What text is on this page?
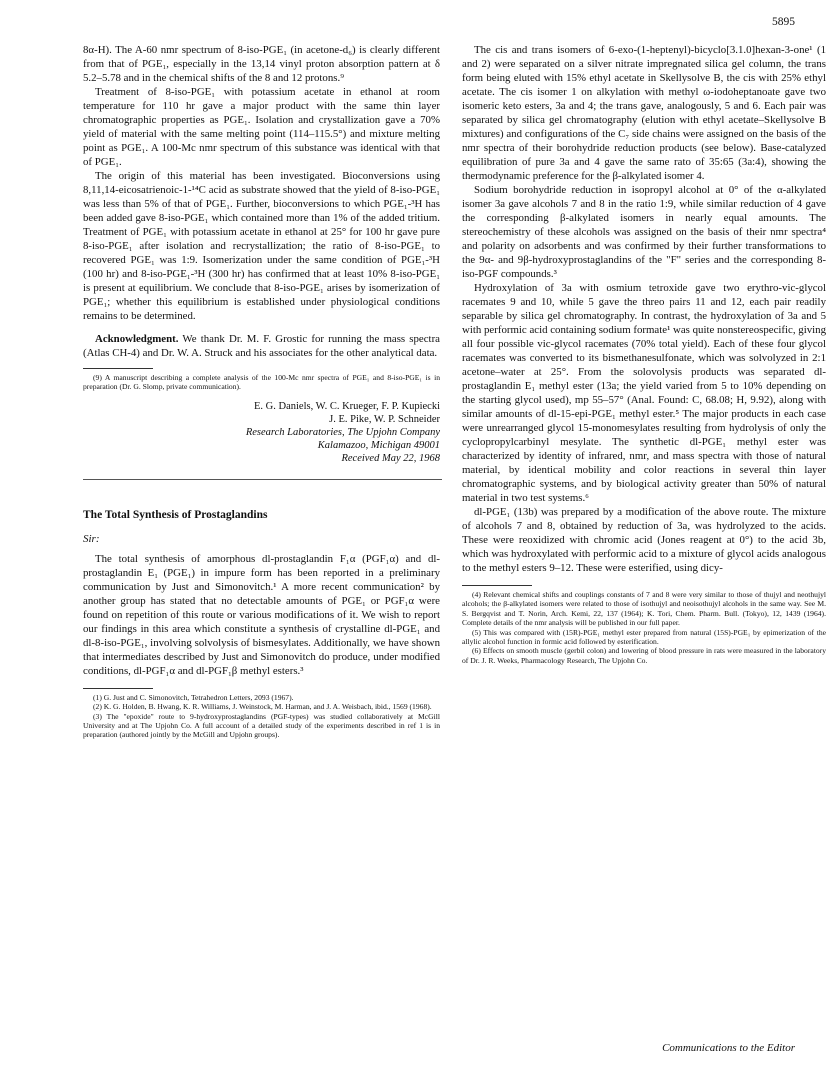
5895

8α-H). The A-60 nmr spectrum of 8-iso-PGE₁ (in acetone-d₆) is clearly different from that of PGE₁, especially in the 13,14 vinyl proton absorption pattern at δ 5.2–5.78 and in the chemical shifts of the 8 and 12 protons.⁹

Treatment of 8-iso-PGE₁ with potassium acetate in ethanol at room temperature for 110 hr gave a major product with the same thin layer chromatographic properties as PGE₁. Isolation and crystallization gave a 70% yield of material with the same melting point (114–115.5°) and mixture melting point as PGE₁. A 100-Mc nmr spectrum of this substance was identical with that of PGE₁.

The origin of this material has been investigated. Bioconversions using 8,11,14-eicosatrienoic-1-¹⁴C acid as substrate showed that the yield of 8-iso-PGE₁ was less than 5% of that of PGE₁. Further, bioconversions to which PGE₁-³H has been added gave 8-iso-PGE₁ which contained more than 1% of the added tritium. Treatment of PGE₁ with potassium acetate in ethanol at 25° for 100 hr gave pure 8-iso-PGE₁ after isolation and recrystallization; the ratio of 8-iso-PGE₁ to recovered PGE₁ was 1:9. Isomerization under the same condition of PGE₁-³H (100 hr) and 8-iso-PGE₁-³H (300 hr) has confirmed that at least 10% 8-iso-PGE₁ is present at equilibrium. We conclude that 8-iso-PGE₁ arises by isomerization of PGE₁; whether this equilibrium is established under physiological conditions remains to be determined.

Acknowledgment. We thank Dr. M. F. Grostic for running the mass spectra (Atlas CH-4) and Dr. W. A. Struck and his associates for the other analytical data.

(9) A manuscript describing a complete analysis of the 100-Mc nmr spectra of PGE₁ and 8-iso-PGE₁ is in preparation (Dr. G. Slomp, private communication).

E. G. Daniels, W. C. Krueger, F. P. Kupiecki

J. E. Pike, W. P. Schneider

Research Laboratories, The Upjohn Company

Kalamazoo, Michigan 49001

Received May 22, 1968

The Total Synthesis of Prostaglandins

Sir:

The total synthesis of amorphous dl-prostaglandin F₁α (PGF₁α) and dl-prostaglandin E₁ (PGE₁) in impure form has been reported in a preliminary communication by Just and Simonovitch.¹ A more recent communication² by another group has stated that no detectable amounts of PGE₁ or PGF₁α were found on repetition of this route or various modifications of it. We wish to report our findings in this area which constitute a synthesis of crystalline dl-PGE₁ and dl-8-iso-PGE₁, involving solvolysis of bismesylates. Additionally, we have shown that intermediates described by Just and Simonovitch do produce, under modified conditions, dl-PGF₁α and dl-PGF₁β methyl esters.³

(1) G. Just and C. Simonovitch, Tetrahedron Letters, 2093 (1967).

(2) K. G. Holden, B. Hwang, K. R. Williams, J. Weinstock, M. Harman, and J. A. Weisbach, ibid., 1569 (1968).

(3) The "epoxide" route to 9-hydroxyprostaglandins (PGF-types) was studied collaboratively at McGill University and at The Upjohn Co. A full account of a detailed study of the experiments described in ref 1 is in preparation (authored jointly by the McGill and Upjohn groups).

The cis and trans isomers of 6-exo-(1-heptenyl)-bicyclo[3.1.0]hexan-3-one¹ (1 and 2) were separated on a silver nitrate impregnated silica gel column, the trans form being eluted with 15% ethyl acetate in Skellysolve B, the cis with 25% ethyl acetate. The cis isomer 1 on alkylation with methyl ω-iodoheptanoate gave two isomeric keto esters, 3a and 4; the trans gave, analogously, 5 and 6. Each pair was separated by silica gel chromatography (elution with ethyl acetate–Skellysolve B mixtures) and configurations of the C₇ side chains were assigned on the basis of the nmr spectra of their borohydride reduction products (see below). Base-catalyzed equilibration of pure 3a and 4 gave the same rato of 35:65 (3a:4), showing the thermodynamic preference for the β-alkylated isomer 4.

Sodium borohydride reduction in isopropyl alcohol at 0° of the α-alkylated isomer 3a gave alcohols 7 and 8 in the ratio 1:9, while similar reduction of 4 gave the corresponding β-alkylated isomers in nearly equal amounts. The stereochemistry of these alcohols was assigned on the basis of their nmr spectra⁴ and polarity on adsorbents and was confirmed by their further transformations to the 9α- and 9β-hydroxyprostaglandins of the "F" series and the corresponding 8-iso-PGF compounds.³

Hydroxylation of 3a with osmium tetroxide gave two erythro-vic-glycol racemates 9 and 10, while 5 gave the threo pairs 11 and 12, each pair readily separable by silica gel chromatography. In contrast, the hydroxylation of 3a and 5 with performic acid containing sodium formate¹ was quite nonstereospecific, giving all four possible vic-glycol racemates (70% total yield). Each of these four glycol racemates was converted to its bismethanesulfonate, which was solvolyzed in 2:1 acetone–water at 25°. From the solovolysis products was separated dl-prostaglandin E₁ methyl ester (13a; the yield varied from 5 to 10% depending on the starting glycol used), mp 55–57° (Anal. Found: C, 68.08; H, 9.92), along with similar amounts of dl-15-epi-PGE₁ methyl ester.⁵ The major products in each case were unrearranged glycol 15-monomesylates resulting from hydrolysis of only the cyclopropylcarbinyl mesylate. The synthetic dl-PGE₁ methyl ester was characterized by identity of infrared, nmr, and mass spectra with those of natural material, by identical mobility and color reactions in several thin layer chromatographic systems, and by biological activity greater than 50% of natural material in two test systems.⁶

dl-PGE₁ (13b) was prepared by a modification of the above route. The mixture of alcohols 7 and 8, obtained by reduction of 3a, was hydrolyzed to the acids. These were reoxidized with chromic acid (Jones reagent at 0°) to the acid 3b, which was hydroxylated with performic acid to a mixture of glycol acids analogous to the methyl esters 9–12. These were esterified, using dicy-

(4) Relevant chemical shifts and couplings constants of 7 and 8 were very similar to those of thujyl and neothujyl alcohols; the β-alkylated isomers were related to those of isothujyl and neoisothujyl alcohols in the same way. See M. S. Bergqvist and T. Norin, Arch. Kemi, 22, 137 (1964); K. Tori, Chem. Pharm. Bull. (Tokyo), 12, 1439 (1964). Complete details of the nmr analysis will be published in our full paper.

(5) This was compared with (15R)-PGE₁ methyl ester prepared from natural (15S)-PGE₁ by epimerization of the allylic alcohol function in formic acid followed by esterification.

(6) Effects on smooth muscle (gerbil colon) and lowering of blood pressure in rats were measured in the laboratory of Dr. J. R. Weeks, Pharmacology Research, The Upjohn Co.

Communications to the Editor
